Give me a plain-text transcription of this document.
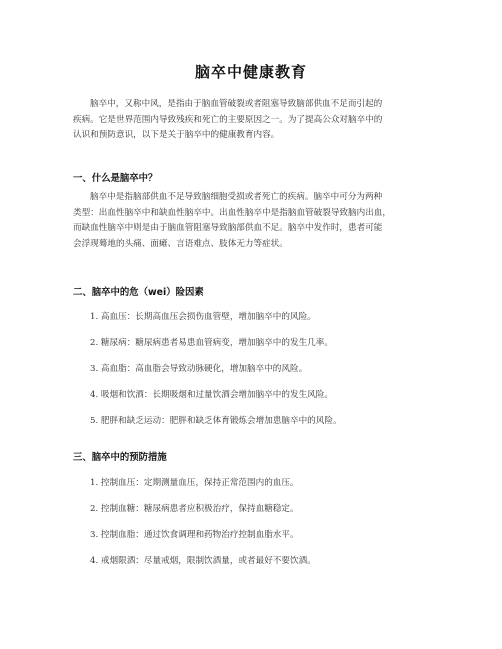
脑卒中健康教育

脑卒中，又称中风，是指由于脑血管破裂或者阻塞导致脑部供血不足而引起的
疾病。它是世界范围内导致残疾和死亡的主要原因之一。为了提高公众对脑卒中的
认识和预防意识，以下是关于脑卒中的健康教育内容。

一、什么是脑卒中？

脑卒中是指脑部供血不足导致脑细胞受损或者死亡的疾病。脑卒中可分为两种
类型：出血性脑卒中和缺血性脑卒中。出血性脑卒中是指脑血管破裂导致脑内出血，
而缺血性脑卒中则是由于脑血管阻塞导致脑部供血不足。脑卒中发作时，患者可能
会浮现蓦地的头痛、面瘫、言语难点、肢体无力等症状。

二、脑卒中的危（wei）险因素
1. 高血压：长期高血压会损伤血管壁，增加脑卒中的风险。
2. 糖尿病：糖尿病患者易患血管病变，增加脑卒中的发生几率。
3. 高血脂：高血脂会导致动脉硬化，增加脑卒中的风险。
4. 吸烟和饮酒：长期吸烟和过量饮酒会增加脑卒中的发生风险。
5. 肥胖和缺乏运动：肥胖和缺乏体育锻炼会增加患脑卒中的风险。
三、脑卒中的预防措施
1. 控制血压：定期测量血压，保持正常范围内的血压。
2. 控制血糖：糖尿病患者应积极治疗，保持血糖稳定。
3. 控制血脂：通过饮食调理和药物治疗控制血脂水平。
4. 戒烟限酒：尽量戒烟，限制饮酒量，或者最好不要饮酒。
